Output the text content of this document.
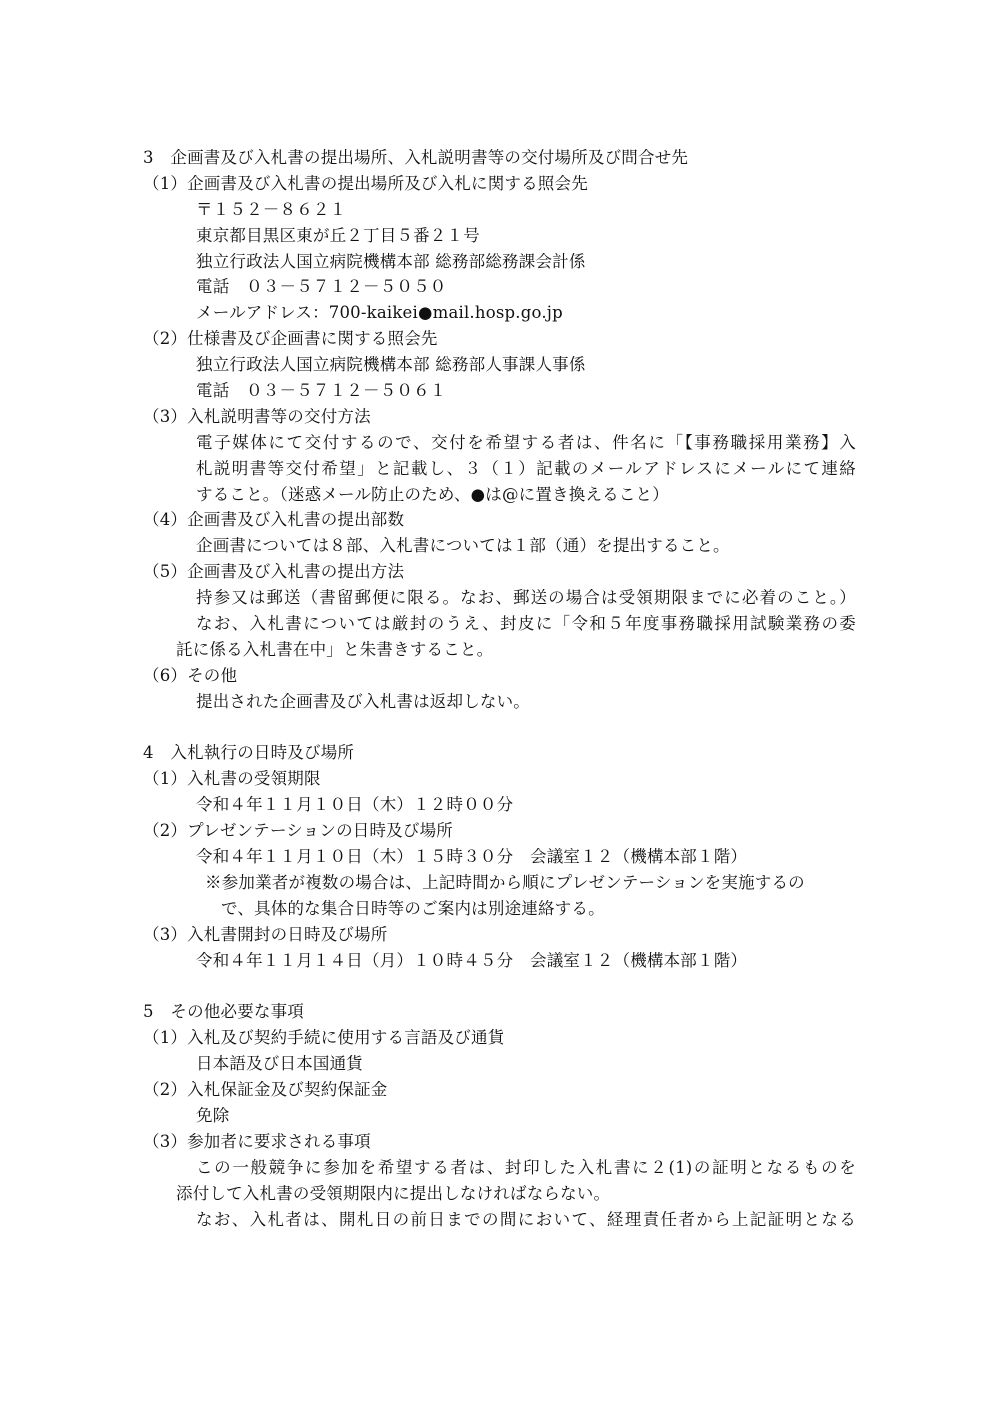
3　企画書及び入札書の提出場所、入札説明書等の交付場所及び問合せ先
（1）企画書及び入札書の提出場所及び入札に関する照会先
〒１５２－８６２１
東京都目黒区東が丘２丁目５番２１号
独立行政法人国立病院機構本部 総務部総務課会計係
電話　０３－５７１２－５０５０
メールアドレス：700-kaikei●mail.hosp.go.jp
（2）仕様書及び企画書に関する照会先
独立行政法人国立病院機構本部 総務部人事課人事係
電話　０３－５７１２－５０６１
（3）入札説明書等の交付方法
電子媒体にて交付するので、交付を希望する者は、件名に「【事務職採用業務】入
札説明書等交付希望」と記載し、３（１）記載のメールアドレスにメールにて連絡
すること。（迷惑メール防止のため、●は@に置き換えること）
（4）企画書及び入札書の提出部数
企画書については８部、入札書については１部（通）を提出すること。
（5）企画書及び入札書の提出方法
持参又は郵送（書留郵便に限る。なお、郵送の場合は受領期限までに必着のこと。）
なお、入札書については厳封のうえ、封皮に「令和５年度事務職採用試験業務の委
託に係る入札書在中」と朱書きすること。
（6）その他
提出された企画書及び入札書は返却しない。
4　入札執行の日時及び場所
（1）入札書の受領期限
令和４年１１月１０日（木）１２時００分
（2）プレゼンテーションの日時及び場所
令和４年１１月１０日（木）１５時３０分　会議室１２（機構本部１階）
※参加業者が複数の場合は、上記時間から順にプレゼンテーションを実施するの
で、具体的な集合日時等のご案内は別途連絡する。
（3）入札書開封の日時及び場所
令和４年１１月１４日（月）１０時４５分　会議室１２（機構本部１階）
5　その他必要な事項
（1）入札及び契約手続に使用する言語及び通貨
日本語及び日本国通貨
（2）入札保証金及び契約保証金
免除
（3）参加者に要求される事項
この一般競争に参加を希望する者は、封印した入札書に２(1)の証明となるものを
添付して入札書の受領期限内に提出しなければならない。
なお、入札者は、開札日の前日までの間において、経理責任者から上記証明となる
